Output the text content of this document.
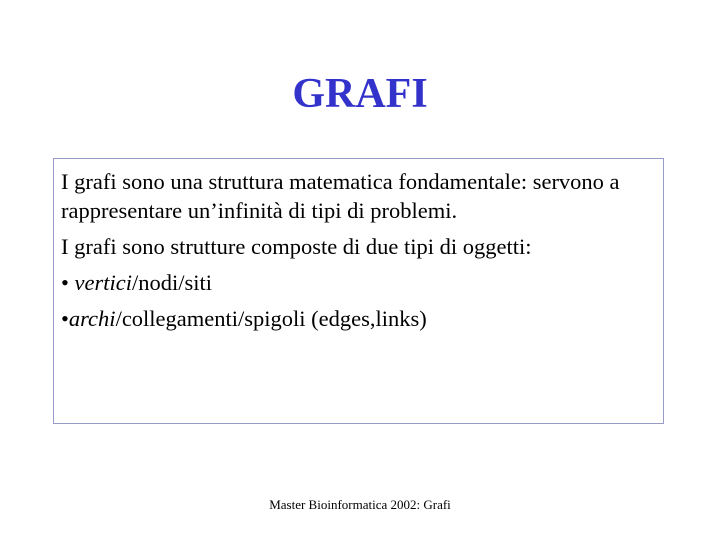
GRAFI

I grafi sono una struttura matematica fondamentale: servono a rappresentare un’infinità di tipi di problemi.

I grafi sono strutture composte di due tipi di oggetti:

• vertici/nodi/siti

•archi/collegamenti/spigoli (edges,links)

Master Bioinformatica 2002: Grafi
